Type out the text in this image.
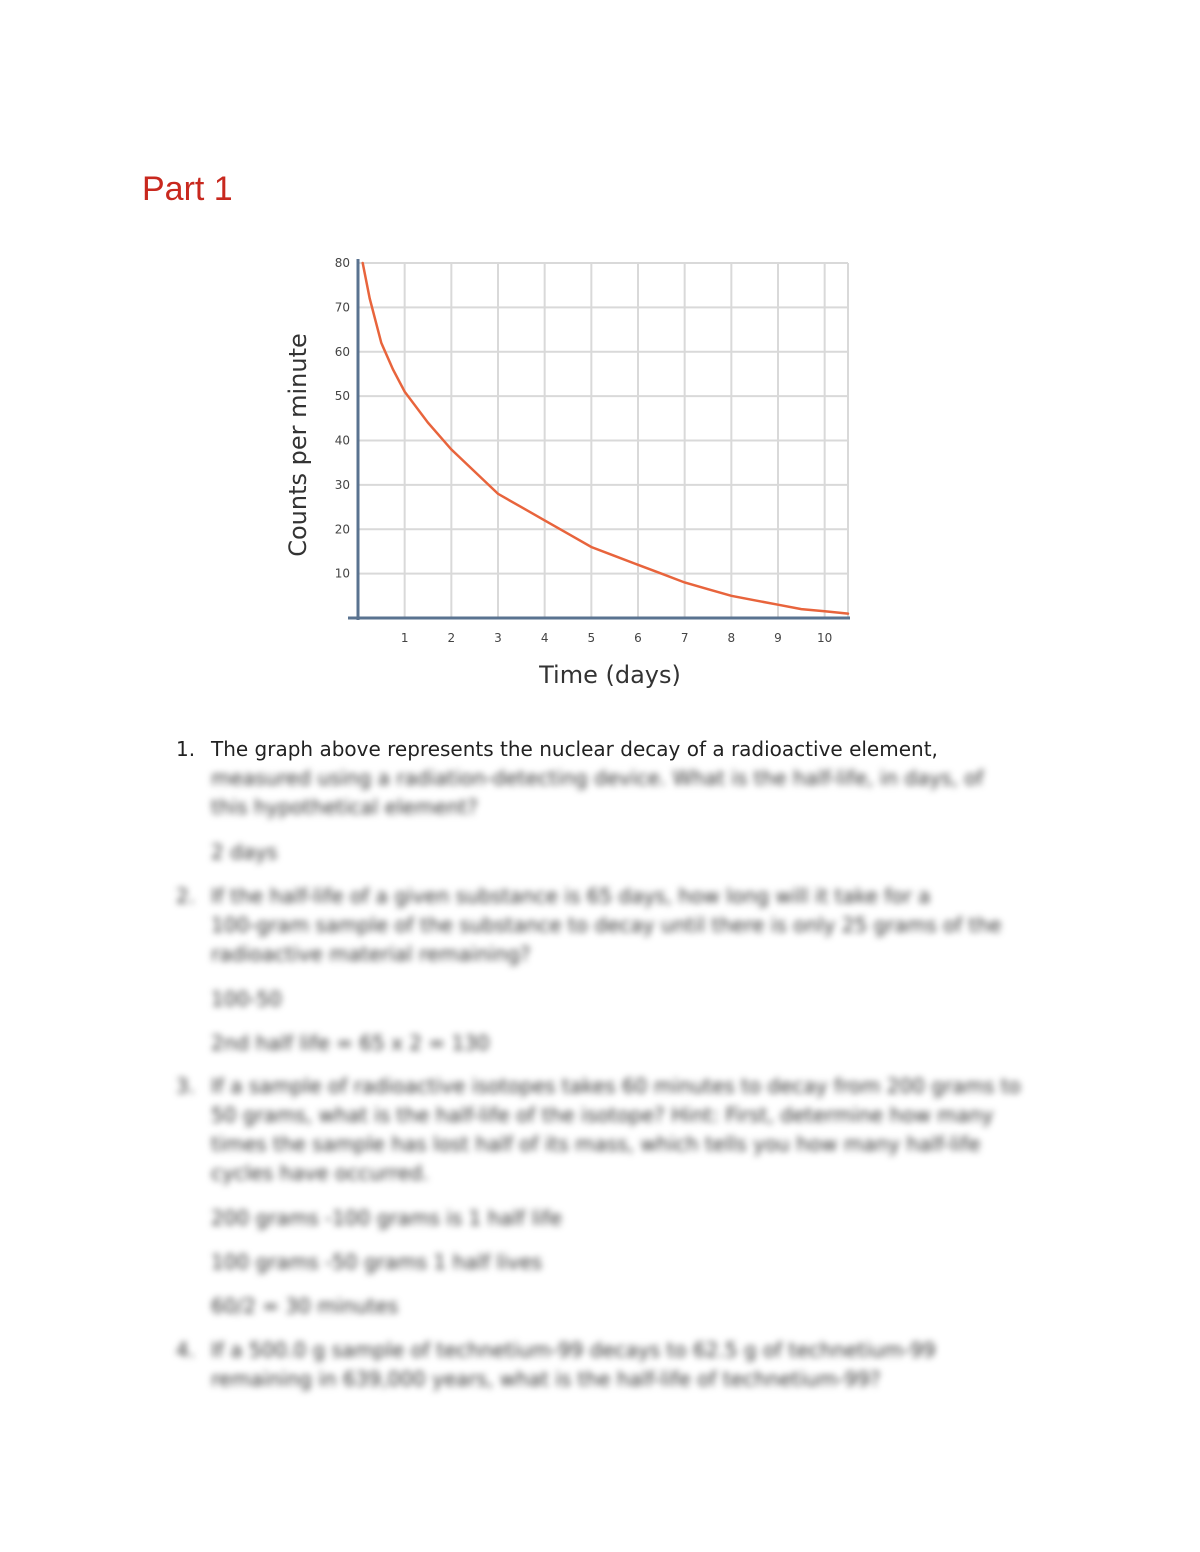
Part 1
1	2	3	4	5	6	7	8	9	10
10
20
30
40
50
60
70
80
Time (days)
Counts per minute
1. The graph above represents the nuclear decay of a radioactive element,
measured using a radiation-detecting device. What is the half-life, in days, of
this hypothetical element?
2 days
2. If the half-life of a given substance is 65 days, how long will it take for a
100-gram sample of the substance to decay until there is only 25 grams of the
radioactive material remaining?
100-50
2nd half life = 65 x 2 = 130
3. If a sample of radioactive isotopes takes 60 minutes to decay from 200 grams to
50 grams, what is the half-life of the isotope? Hint: First, determine how many
times the sample has lost half of its mass, which tells you how many half-life
cycles have occurred.
200 grams -100 grams is 1 half life
100 grams -50 grams 1 half lives
60/2 = 30 minutes
4. If a 500.0 g sample of technetium-99 decays to 62.5 g of technetium-99
remaining in 639,000 years, what is the half-life of technetium-99?
